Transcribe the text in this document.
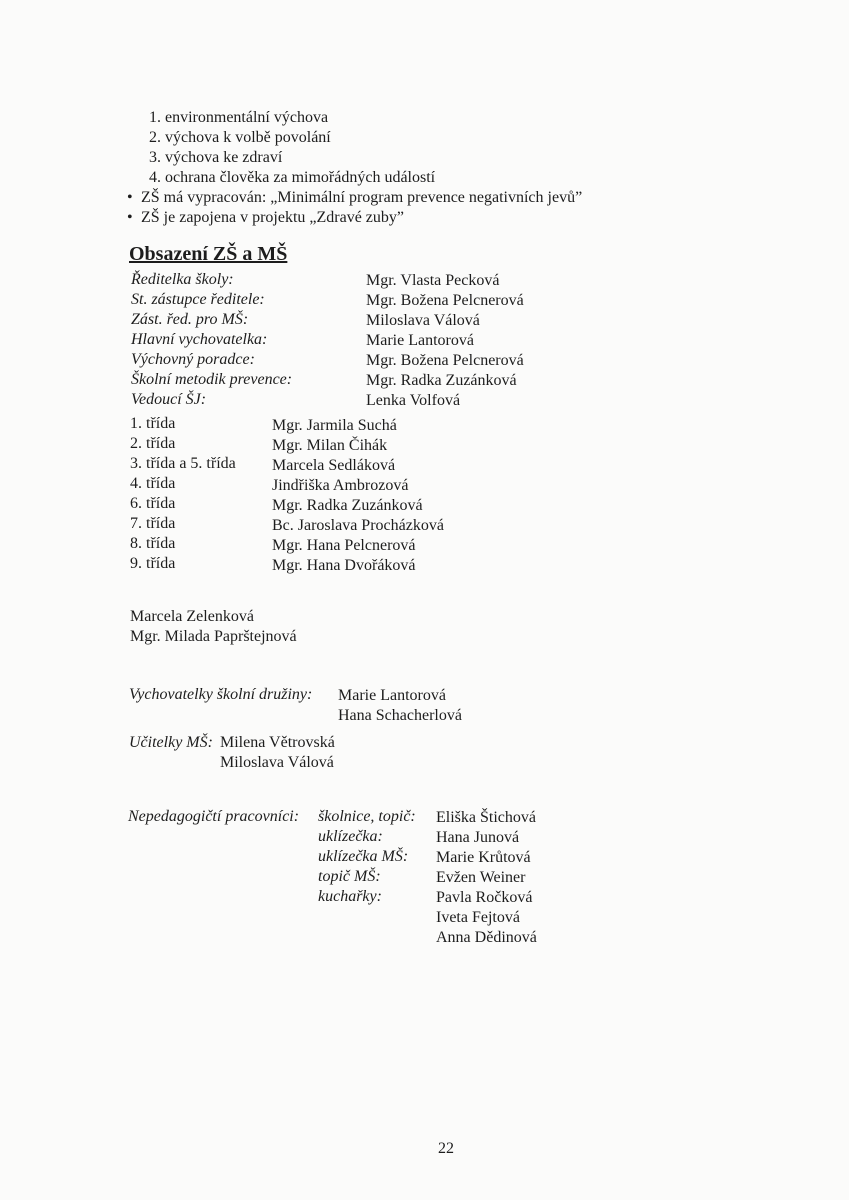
1. environmentální výchova
2. výchova k volbě povolání
3. výchova ke zdraví
4. ochrana člověka za mimořádných událostí
• ZŠ má vypracován: „Minimální program prevence negativních jevů”
• ZŠ je zapojena v projektu „Zdravé zuby”
Obsazení ZŠ a MŠ
Ředitelka školy:	Mgr. Vlasta Pecková
St. zástupce ředitele:	Mgr. Božena Pelcnerová
Zást. řed. pro MŠ:	Miloslava Válová
Hlavní vychovatelka:	Marie Lantorová
Výchovný poradce:	Mgr. Božena Pelcnerová
Školní metodik prevence:	Mgr. Radka Zuzánková
Vedoucí ŠJ:	Lenka Volfová
1. třída	Mgr. Jarmila Suchá
2. třída	Mgr. Milan Čihák
3. třída a 5. třída Marcela Sedláková
4. třída	Jindřiška Ambrozová
6. třída	Mgr. Radka Zuzánková
7. třída	Bc. Jaroslava Procházková
8. třída	Mgr. Hana Pelcnerová
9. třída	Mgr. Hana Dvořáková
Marcela Zelenková
Mgr. Milada Paprštejnová
Vychovatelky školní družiny: Marie Lantorová
Hana Schacherlová
Učitelky MŠ: Milena Větrovská
Miloslava Válová
Nepedagogičtí pracovníci: školnice, topič: Eliška Štichová
uklízečka:	Hana Junová
uklízečka MŠ: Marie Krůtová
topič MŠ:	Evžen Weiner
kuchařky:	Pavla Ročková
Iveta Fejtová
Anna Dědinová
22
